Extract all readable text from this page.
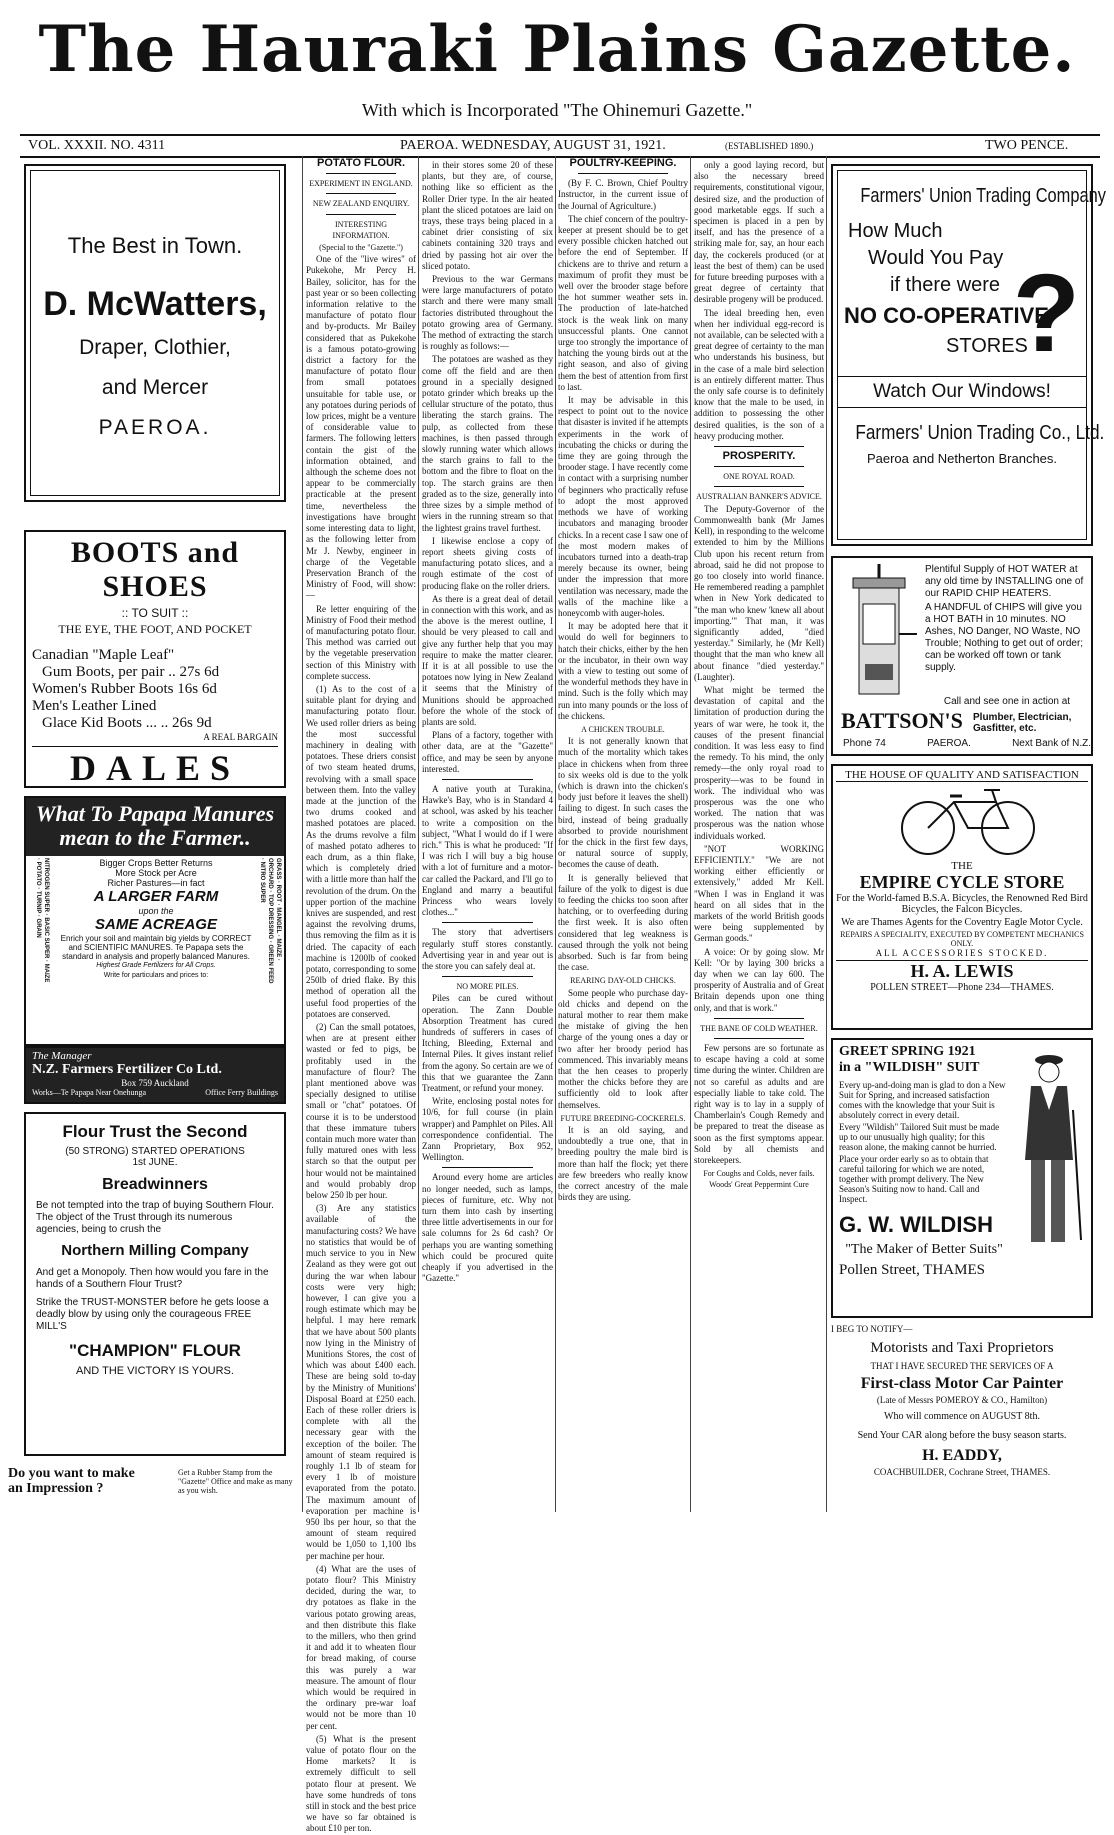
The Hauraki Plains Gazette.
With which is Incorporated "The Ohinemuri Gazette."
VOL. XXXII. NO. 4311	PAEROA. WEDNESDAY, AUGUST 31, 1921.	(ESTABLISHED 1890.)	TWO PENCE.
The Best in Town.
D. McWatters,
Draper, Clothier,
and Mercer
PAEROA.
BOOTS and SHOES
:: TO SUIT ::
THE EYE, THE FOOT, AND POCKET
Canadian "Maple Leaf"
Gum Boots, per pair .. 27s 6d
Women's Rubber Boots 16s 6d
Men's Leather Lined
Glace Kid Boots ... .. 26s 9d
A REAL BARGAIN
DALES
What To Papapa Manures
mean to the Farmer..
NITROGEN SUPER · BASIC SUPER · MAIZE · POTATO · TURNIP · GRAIN	GRASS · ROOT · MANGEL · MAIZE · ORCHARD · TOP DRESSING · GREEN FEED · NITRO SUPER
Bigger Crops Better Returns
More Stock per Acre
Richer Pastures—in fact
A LARGER FARM
upon the
SAME ACREAGE
Enrich your soil and maintain big yields by CORRECT and SCIENTIFIC MANURES. Te Papapa sets the standard in analysis and properly balanced Manures.
Highest Grade Fertilizers for All Crops.
Write for particulars and prices to:
The Manager
N.Z. Farmers Fertilizer Co Ltd.
Box 759 Auckland
Works—Te Papapa Near Onehunga	Office Ferry Buildings
Flour Trust the Second
(50 STRONG) STARTED OPERATIONS
1st JUNE.
Breadwinners
Be not tempted into the trap of buying Southern Flour. The object of the Trust through its numerous agencies, being to crush the
Northern Milling Company
And get a Monopoly. Then how would you fare in the hands of a Southern Flour Trust?
Strike the TRUST-MONSTER before he gets loose a deadly blow by using only the courageous FREE MILL'S
"CHAMPION" FLOUR
AND THE VICTORY IS YOURS.
Do you want to make
an Impression ?
Get a Rubber Stamp from the "Gazette" Office and make as many as you wish.
POTATO FLOUR.
EXPERIMENT IN ENGLAND.
NEW ZEALAND ENQUIRY.
INTERESTING INFORMATION.
(Special to the "Gazette.")

One of the "live wires" of Pukekohe, Mr Percy H. Bailey, solicitor, has for the past year or so been collecting information relative to the manufacture of potato flour and by-products. Mr Bailey considered that as Pukekohe is a famous potato-growing district a factory for the manufacture of potato flour from small potatoes unsuitable for table use, or any potatoes during periods of low prices, might be a venture of considerable value to farmers. The following letters contain the gist of the information obtained, and although the scheme does not appear to be commercially practicable at the present time, nevertheless the investigations have brought some interesting data to light, as the following letter from Mr J. Newby, engineer in charge of the Vegetable Preservation Branch of the Ministry of Food, will show:—

Re letter enquiring of the Ministry of Food their method of manufacturing potato flour. This method was carried out by the vegetable preservation section of this Ministry with complete success.

(1) As to the cost of a suitable plant for drying and manufacturing potato flour. We used roller driers as being the most successful machinery in dealing with potatoes. These driers consist of two steam heated drums, revolving with a small space between them. Into the valley made at the junction of the two drums cooked and mashed potatoes are placed. As the drums revolve a film of mashed potato adheres to each drum, as a thin flake, which is completely dried with a little more than half the revolution of the drum. On the upper portion of the machine knives are suspended, and rest against the revolving drums, thus removing the film as it is dried. The capacity of each machine is 1200lb of cooked potato, corresponding to some 250lb of dried flake. By this method of operation all the useful food properties of the potatoes are conserved.

(2) Can the small potatoes, when are at present either wasted or fed to pigs, be profitably used in the manufacture of flour? The plant mentioned above was specially designed to utilise small or "chat" potatoes. Of course it is to be understood that these immature tubers contain much more water than fully matured ones with less starch so that the output per hour would not be maintained and would probably drop below 250 lb per hour.

(3) Are any statistics available of the manufacturing costs? We have no statistics that would be of much service to you in New Zealand as they were got out during the war when labour costs were very high; however, I can give you a rough estimate which may be helpful. I may here remark that we have about 500 plants now lying in the Ministry of Munitions Stores, the cost of which was about £400 each. These are being sold to-day by the Ministry of Munitions' Disposal Board at £250 each. Each of these roller driers is complete with all the necessary gear with the exception of the boiler. The amount of steam required is roughly 1.1 lb of steam for every 1 lb of moisture evaporated from the potato. The maximum amount of evaporation per machine is 950 lbs per hour, so that the amount of steam required would be 1,050 to 1,100 lbs per machine per hour.

(4) What are the uses of potato flour? This Ministry decided, during the war, to dry potatoes as flake in the various potato growing areas, and then distribute this flake to the millers, who then grind it and add it to wheaten flour for bread making, of course this was purely a war measure. The amount of flour which would be required in the ordinary pre-war loaf would not be more than 10 per cent.

(5) What is the present value of potato flour on the Home markets? It is extremely difficult to sell potato flour at present. We have some hundreds of tons still in stock and the best price we have so far obtained is about £10 per ton.

in their stores some 20 of these plants, but they are, of course, nothing like so efficient as the Roller Drier type. In the air heated plant the sliced potatoes are laid on trays, these trays being placed in a cabinet drier consisting of six cabinets containing 320 trays and dried by passing hot air over the sliced potato.

Previous to the war Germans were large manufacturers of potato starch and there were many small factories distributed throughout the potato growing area of Germany. The method of extracting the starch is roughly as follows:—

The potatoes are washed as they come off the field and are then ground in a specially designed potato grinder which breaks up the cellular structure of the potato, thus liberating the starch grains. The pulp, as collected from these machines, is then passed through slowly running water which allows the starch grains to fall to the bottom and the fibre to float on the top. The starch grains are then graded as to the size, generally into three sizes by a simple method of wiers in the running stream so that the lightest grains travel furthest.

I likewise enclose a copy of report sheets giving costs of manufacturing potato slices, and a rough estimate of the cost of producing flake on the roller driers.

As there is a great deal of detail in connection with this work, and as the above is the merest outline, I should be very pleased to call and give any further help that you may require to make the matter clearer. If it is at all possible to use the potatoes now lying in New Zealand it seems that the Ministry of Munitions should be approached before the whole of the stock of plants are sold.

Plans of a factory, together with other data, are at the "Gazette" office, and may be seen by anyone interested.

A native youth at Turakina, Hawke's Bay, who is in Standard 4 at school, was asked by his teacher to write a composition on the subject, "What I would do if I were rich." This is what he produced: "If I was rich I will buy a big house with a lot of furniture and a motor-car called the Packard, and I'll go to England and marry a beautiful Princess who wears lovely clothes..."

The story that advertisers regularly stuff stores constantly. Advertising year in and year out is the store you can safely deal at.

NO MORE PILES.

Piles can be cured without operation. The Zann Double Absorption Treatment has cured hundreds of sufferers in cases of Itching, Bleeding, External and Internal Piles. It gives instant relief from the agony. So certain are we of this that we guarantee the Zann Treatment, or refund your money.

Write, enclosing postal notes for 10/6, for full course (in plain wrapper) and Pamphlet on Piles. All correspondence confidential. The Zann Proprietary, Box 952, Wellington.

Around every home are articles no longer needed, such as lamps, pieces of furniture, etc. Why not turn them into cash by inserting three little advertisements in our for sale columns for 2s 6d cash? Or perhaps you are wanting something which could be procured quite cheaply if you advertised in the "Gazette."

POULTRY-KEEPING.

(By F. C. Brown, Chief Poultry Instructor, in the current issue of the Journal of Agriculture.)

The chief concern of the poultry-keeper at present should be to get every possible chicken hatched out before the end of September. If chickens are to thrive and return a maximum of profit they must be well over the brooder stage before the hot summer weather sets in. The production of late-hatched stock is the weak link on many unsuccessful plants. One cannot urge too strongly the importance of hatching the young birds out at the right season, and also of giving them the best of attention from first to last.

It may be advisable in this respect to point out to the novice that disaster is invited if he attempts experiments in the work of incubating the chicks or during the time they are going through the brooder stage. I have recently come in contact with a surprising number of beginners who practically refuse to adopt the most approved methods we have of working incubators and managing brooder chicks. In a recent case I saw one of the most modern makes of incubators turned into a death-trap merely because its owner, being under the impression that more ventilation was necessary, made the walls of the machine like a honeycomb with auger-holes.

It may be adopted here that it would do well for beginners to hatch their chicks, either by the hen or the incubator, in their own way with a view to testing out some of the wonderful methods they have in mind. Such is the folly which may run into many pounds or the loss of the chickens.

A CHICKEN TROUBLE.

It is not generally known that much of the mortality which takes place in chickens when from three to six weeks old is due to the yolk (which is drawn into the chicken's body just before it leaves the shell) failing to digest. In such cases the bird, instead of being gradually absorbed to provide nourishment for the chick in the first few days, or natural source of supply, becomes the cause of death.

It is generally believed that failure of the yolk to digest is due to feeding the chicks too soon after hatching, or to overfeeding during the first week. It is also often considered that leg weakness is caused through the yolk not being absorbed. Such is far from being the case.

REARING DAY-OLD CHICKS.

Some people who purchase day-old chicks and depend on the natural mother to rear them make the mistake of giving the hen charge of the young ones a day or two after her broody period has commenced. This invariably means that the hen ceases to properly mother the chicks before they are sufficiently old to look after themselves.

FUTURE BREEDING-COCKERELS.

It is an old saying, and undoubtedly a true one, that in breeding poultry the male bird is more than half the flock; yet there are few breeders who really know the correct ancestry of the male birds they are using.

only a good laying record, but also the necessary breed requirements, constitutional vigour, desired size, and the production of good marketable eggs. If such a specimen is placed in a pen by itself, and has the presence of a striking male for, say, an hour each day, the cockerels produced (or at least the best of them) can be used for future breeding purposes with a great degree of certainty that desirable progeny will be produced.

The ideal breeding hen, even when her individual egg-record is not available, can be selected with a great degree of certainty to the man who understands his business, but in the case of a male bird selection is an entirely different matter. Thus the only safe course is to definitely know that the male to be used, in addition to possessing the other desired qualities, is the son of a heavy producing mother.

PROSPERITY.
ONE ROYAL ROAD.
AUSTRALIAN BANKER'S ADVICE.

The Deputy-Governor of the Commonwealth bank (Mr James Kell), in responding to the welcome extended to him by the Millions Club upon his recent return from abroad, said he did not propose to go too closely into world finance. He remembered reading a pamphlet when in New York dedicated to "the man who knew 'knew all about importing.'" That man, it was significantly added, "died yesterday." Similarly, he (Mr Kell) thought that the man who knew all about finance "died yesterday." (Laughter).

What might be termed the devastation of capital and the limitation of production during the years of war were, he took it, the causes of the present financial condition. It was less easy to find the remedy. To his mind, the only remedy—the only royal road to prosperity—was to be found in work. The individual who was prosperous was the one who worked. The nation that was prosperous was the nation whose individuals worked.

"NOT WORKING EFFICIENTLY." "We are not working either efficiently or extensively," added Mr Kell. "When I was in England it was heard on all sides that in the markets of the world British goods were being supplemented by German goods."

A voice: Or by going slow. Mr Kell: "Or by laying 300 bricks a day when we can lay 600. The prosperity of Australia and of Great Britain depends upon one thing only, and that is work."

THE BANE OF COLD WEATHER.

Few persons are so fortunate as to escape having a cold at some time during the winter. Children are not so careful as adults and are especially liable to take cold. The right way is to lay in a supply of Chamberlain's Cough Remedy and be prepared to treat the disease as soon as the first symptoms appear. Sold by all chemists and storekeepers.

For Coughs and Colds, never fails. Woods' Great Peppermint Cure

Farmers' Union Trading Company
How Much
Would You Pay
if there were
NO CO-OPERATIVE
STORES
?
Watch Our Windows!
Farmers' Union Trading Co., Ltd.
Paeroa and Netherton Branches.
Plentiful Supply of HOT WATER at any old time by INSTALLING one of our RAPID CHIP HEATERS.
A HANDFUL of CHIPS will give you a HOT BATH in 10 minutes. NO Ashes, NO Danger, NO Waste, NO Trouble; Nothing to get out of order; can be worked off town or tank supply.
Call and see one in action at
BATTSON'S Plumber, Electrician, Gasfitter, etc.
Phone 74	PAEROA.	Next Bank of N.Z.
THE HOUSE OF QUALITY AND SATISFACTION
THE
EMPIRE CYCLE STORE
For the World-famed B.S.A. Bicycles, the Renowned Red Bird Bicycles, the Falcon Bicycles.
We are Thames Agents for the Coventry Eagle Motor Cycle.
REPAIRS A SPECIALITY, EXECUTED BY COMPETENT MECHANICS ONLY.
ALL ACCESSORIES STOCKED.
H. A. LEWIS
POLLEN STREET—Phone 234—THAMES.
GREET SPRING 1921
in a "WILDISH" SUIT
Every up-and-doing man is glad to don a New Suit for Spring, and increased satisfaction comes with the knowledge that your Suit is absolutely correct in every detail.
Every "Wildish" Tailored Suit must be made up to our unusually high quality; for this reason alone, the making cannot be hurried.
Place your order early so as to obtain that careful tailoring for which we are noted, together with prompt delivery. The New Season's Suiting now to hand. Call and Inspect.
G. W. WILDISH
"The Maker of Better Suits"
Pollen Street, THAMES
I BEG TO NOTIFY—
Motorists and Taxi Proprietors
THAT I HAVE SECURED THE SERVICES OF A
First-class Motor Car Painter
(Late of Messrs POMEROY & CO., Hamilton)
Who will commence on AUGUST 8th.
Send Your CAR along before the busy season starts.
H. EADDY,
COACHBUILDER, Cochrane Street, THAMES.
